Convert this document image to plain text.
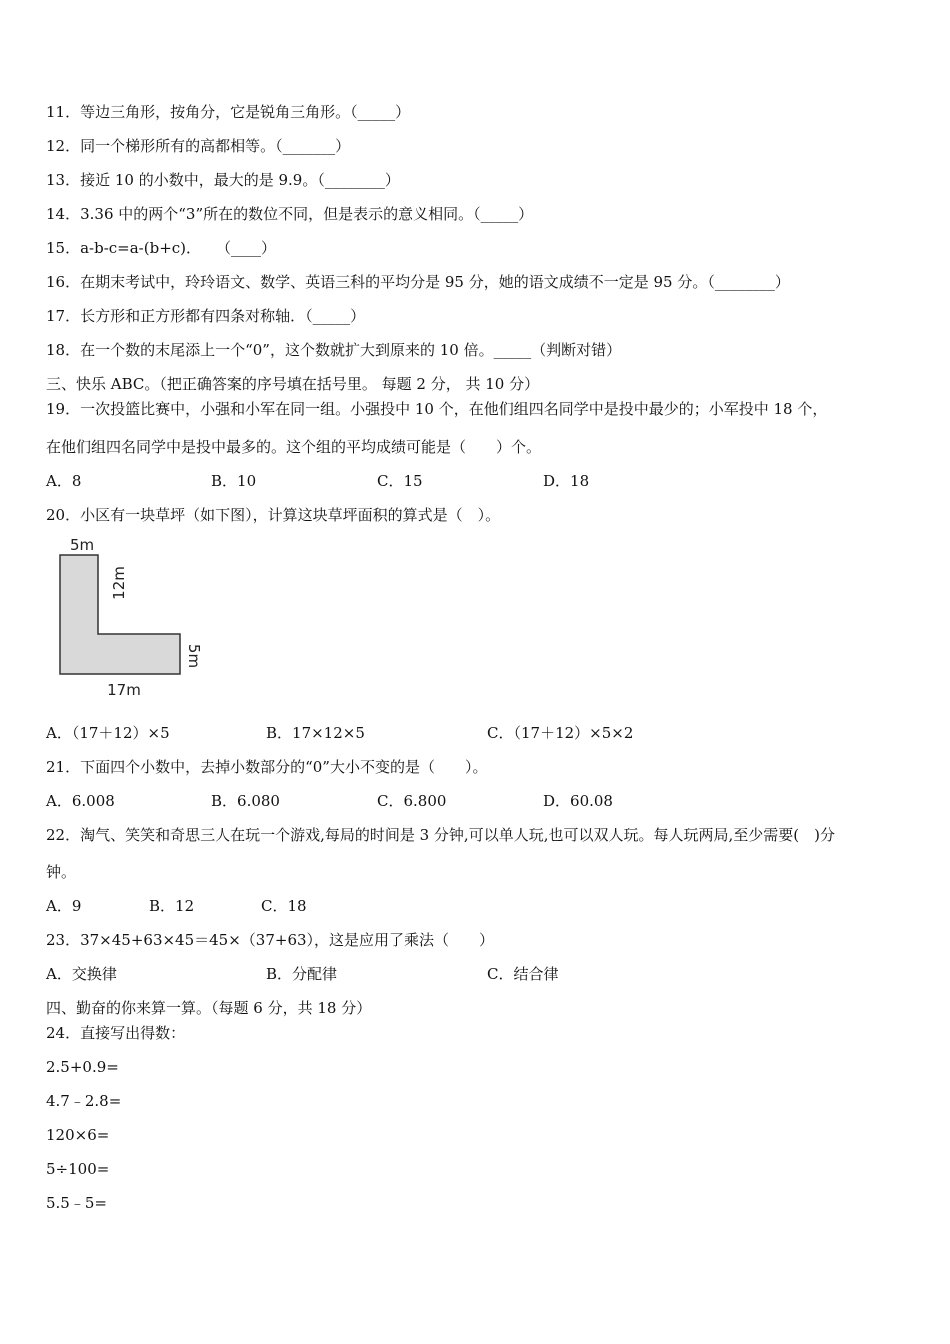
11．等边三角形，按角分，它是锐角三角形。（_____）
12．同一个梯形所有的高都相等。（_______）
13．接近 10 的小数中，最大的是 9.9。（________）
14．3.36 中的两个“3”所在的数位不同，但是表示的意义相同。（_____）
15．a-b-c=a-(b+c)．　　（____）
16．在期末考试中，玲玲语文、数学、英语三科的平均分是 95 分，她的语文成绩不一定是 95 分。（________）
17．长方形和正方形都有四条对称轴．（_____）
18．在一个数的末尾添上一个“0”，这个数就扩大到原来的 10 倍。_____（判断对错）
三、快乐 ABC。（把正确答案的序号填在括号里。 每题 2 分， 共 10 分）
19．一次投篮比赛中，小强和小军在同一组。小强投中 10 个，在他们组四名同学中是投中最少的；小军投中 18 个，
在他们组四名同学中是投中最多的。这个组的平均成绩可能是（　　）个。
A．8	B．10	C．15	D．18
20．小区有一块草坪（如下图），计算这块草坪面积的算式是（　）。
5m
12m
5m
17m
A．（17＋12）×5	B．17×12×5	C．（17＋12）×5×2
21．下面四个小数中，去掉小数部分的“0”大小不变的是（　　）。
A．6.008	B．6.080	C．6.800	D．60.08
22．淘气、笑笑和奇思三人在玩一个游戏,每局的时间是 3 分钟,可以单人玩,也可以双人玩。每人玩两局,至少需要(　)分
钟。
A．9	B．12	C．18
23．37×45+63×45＝45×（37+63），这是应用了乘法（　　）
A．交换律	B．分配律	C．结合律
四、勤奋的你来算一算。（每题 6 分，共 18 分）
24．直接写出得数：
2.5+0.9=
4.7﹣2.8=
120×6=
5÷100=
5.5﹣5=
